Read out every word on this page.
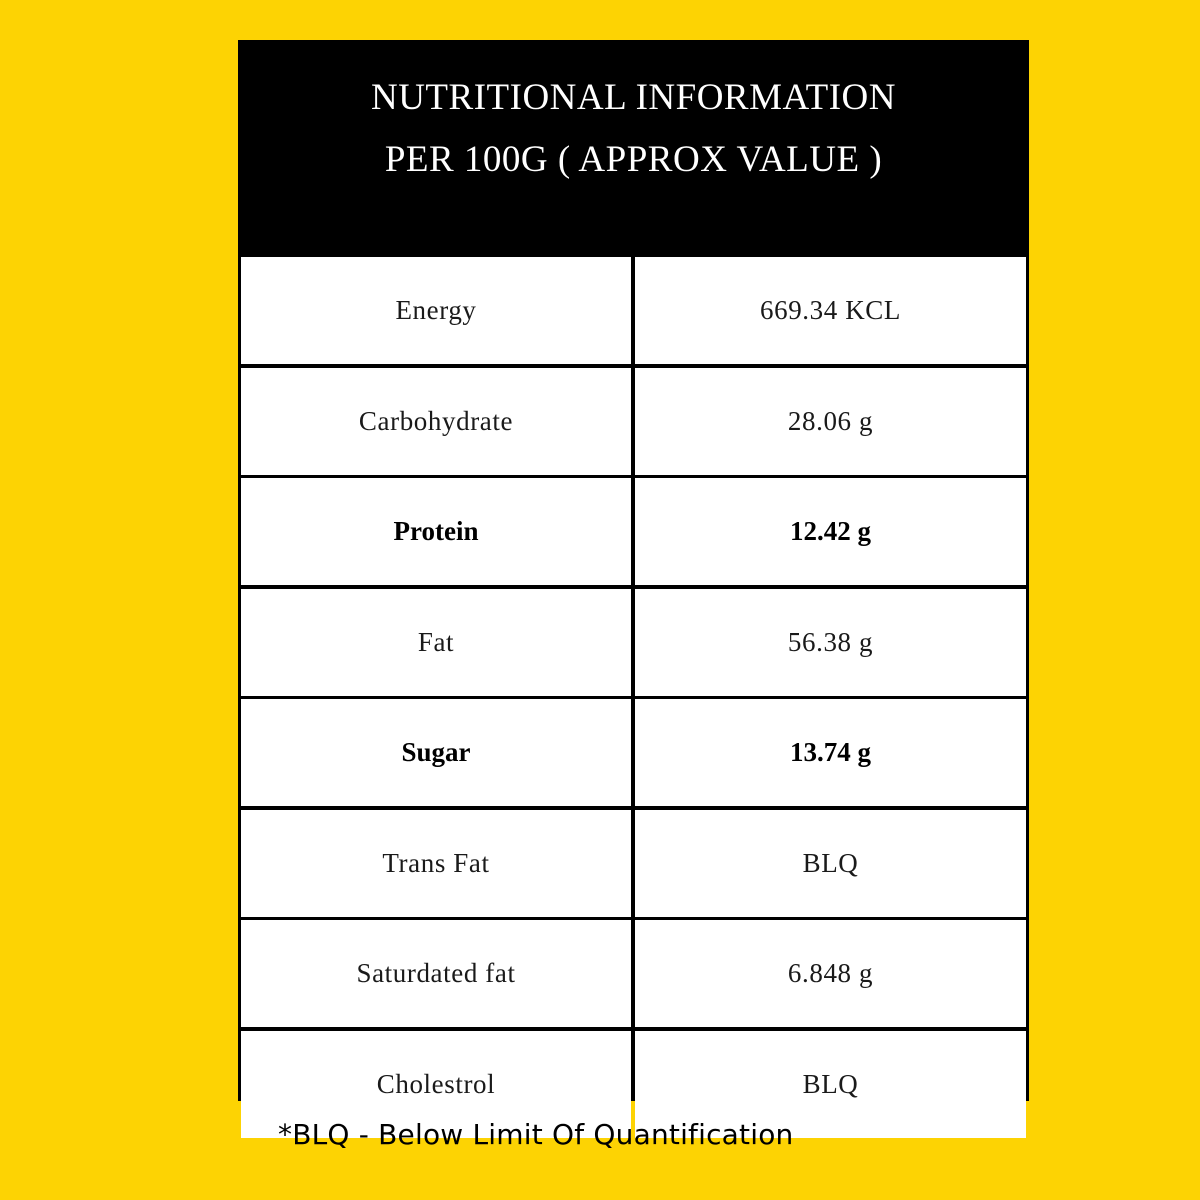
NUTRITIONAL INFORMATION
PER 100G ( APPROX VALUE )
Energy	669.34 KCL
Carbohydrate	28.06 g
Protein	12.42 g
Fat	56.38 g
Sugar	13.74 g
Trans Fat	BLQ
Saturdated fat	6.848 g
Cholestrol	BLQ
*BLQ - Below Limit Of Quantification
